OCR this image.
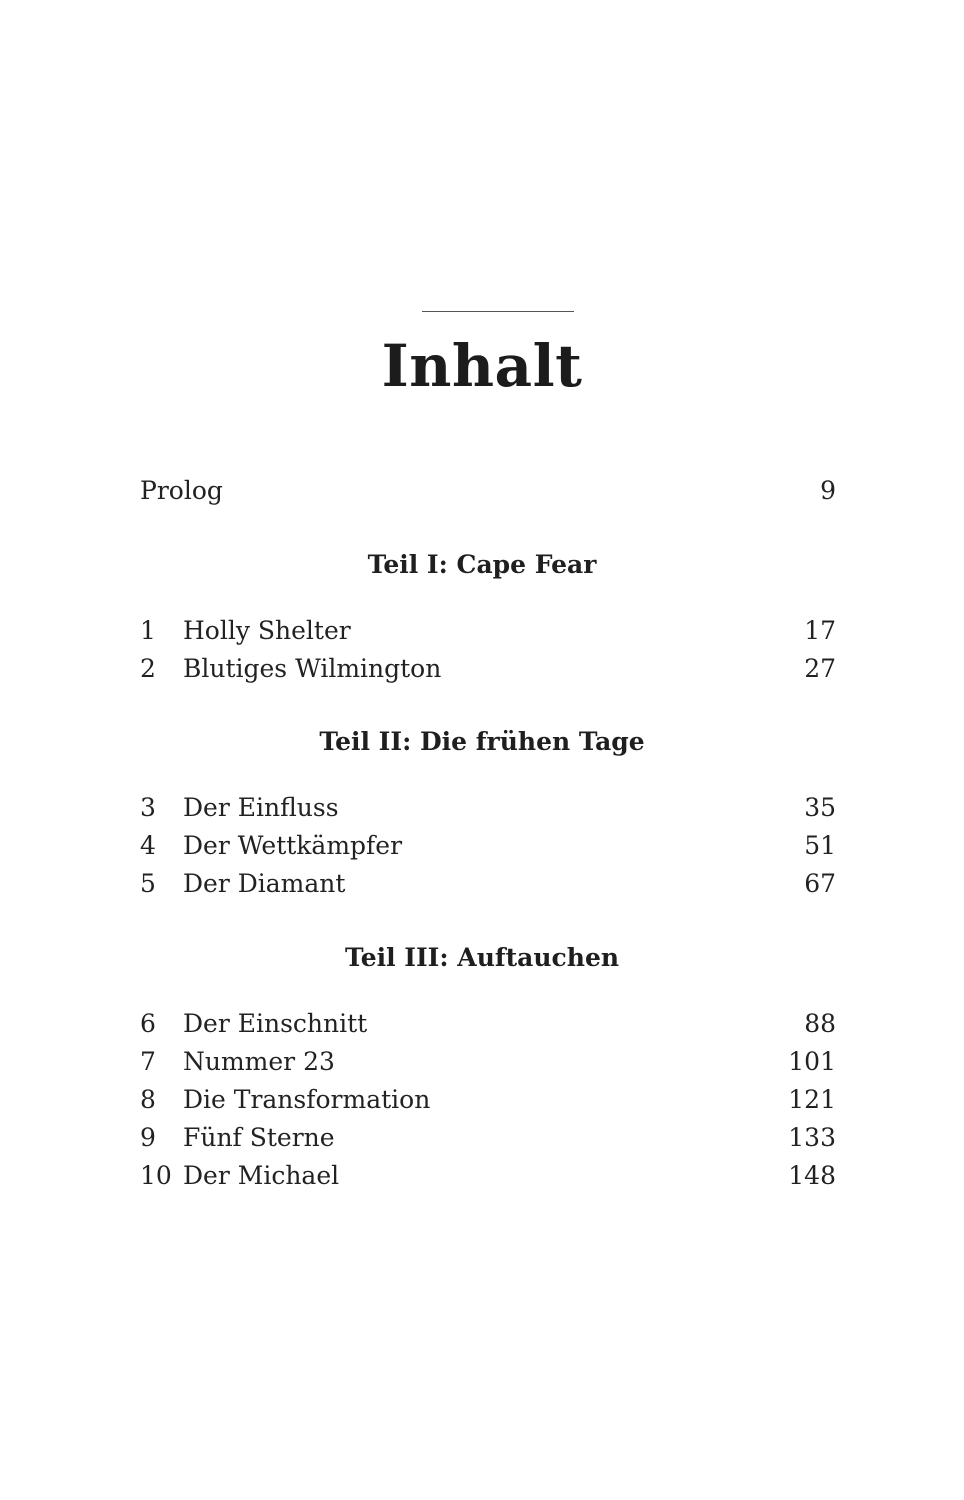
Inhalt
Prolog	9
Teil I: Cape Fear
1 Holly Shelter	17
2 Blutiges Wilmington	27
Teil II: Die frühen Tage
3 Der Einfluss	35
4 Der Wettkämpfer	51
5 Der Diamant	67
Teil III: Auftauchen
6 Der Einschnitt	88
7 Nummer 23	101
8 Die Transformation	121
9 Fünf Sterne	133
10 Der Michael	148
